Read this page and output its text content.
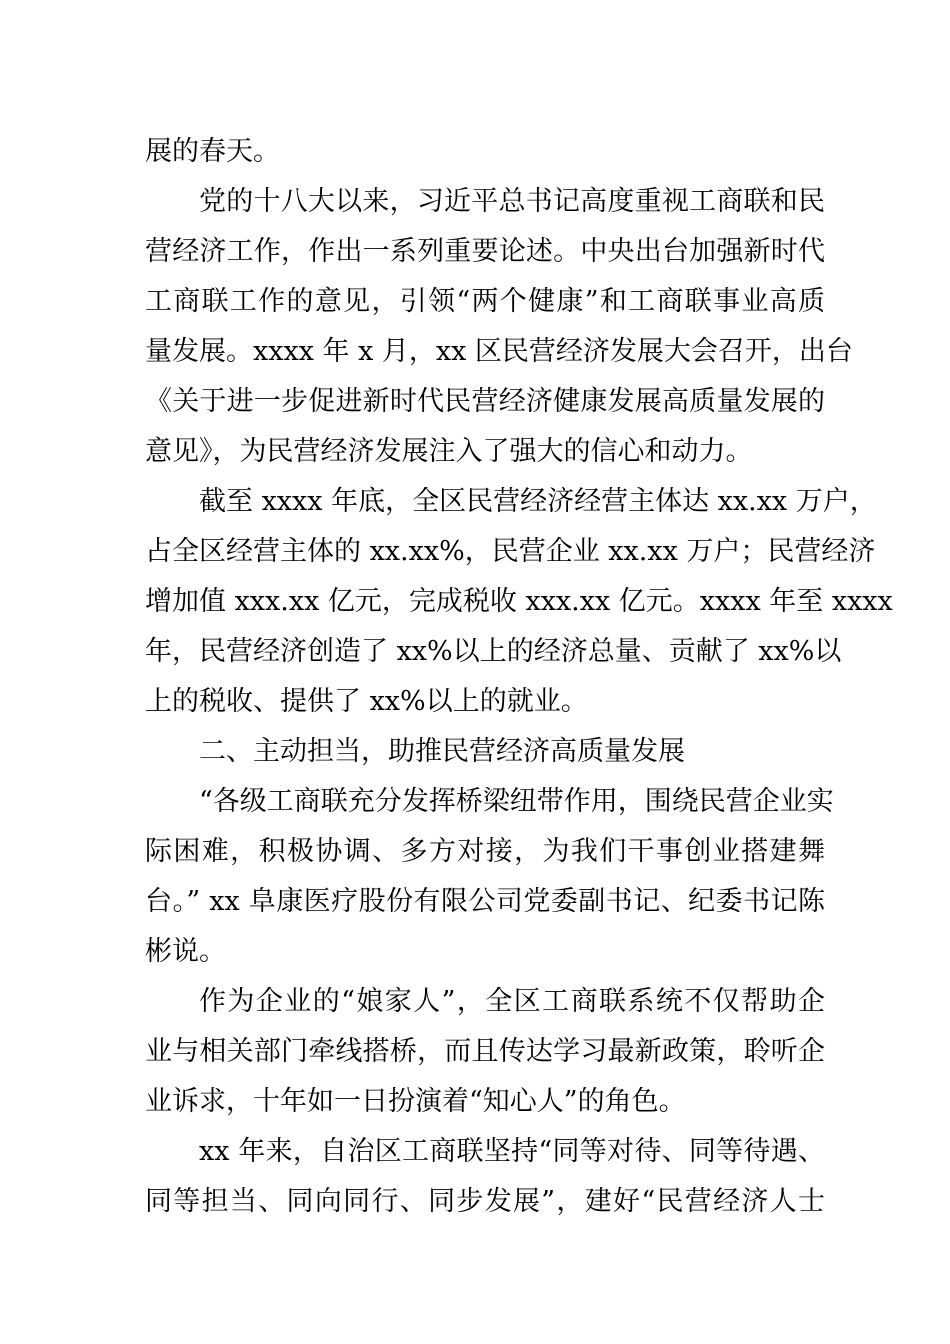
展的春天。
党的十八大以来，习近平总书记高度重视工商联和民
营经济工作，作出一系列重要论述。中央出台加强新时代
工商联工作的意见，引领“两个健康”和工商联事业高质
量发展。xxxx 年 x 月，xx 区民营经济发展大会召开，出台
《关于进一步促进新时代民营经济健康发展高质量发展的
意见》，为民营经济发展注入了强大的信心和动力。
截至 xxxx 年底，全区民营经济经营主体达 xx.xx 万户，
占全区经营主体的 xx.xx%，民营企业 xx.xx 万户；民营经济
增加值 xxx.xx 亿元，完成税收 xxx.xx 亿元。xxxx 年至 xxxx
年，民营经济创造了 xx%以上的经济总量、贡献了 xx%以
上的税收、提供了 xx%以上的就业。
二、主动担当，助推民营经济高质量发展
“各级工商联充分发挥桥梁纽带作用，围绕民营企业实
际困难，积极协调、多方对接，为我们干事创业搭建舞
台。” xx 阜康医疗股份有限公司党委副书记、纪委书记陈
彬说。
作为企业的“娘家人”，全区工商联系统不仅帮助企
业与相关部门牵线搭桥，而且传达学习最新政策，聆听企
业诉求，十年如一日扮演着“知心人”的角色。
xx 年来，自治区工商联坚持“同等对待、同等待遇、
同等担当、同向同行、同步发展”，建好“民营经济人士
